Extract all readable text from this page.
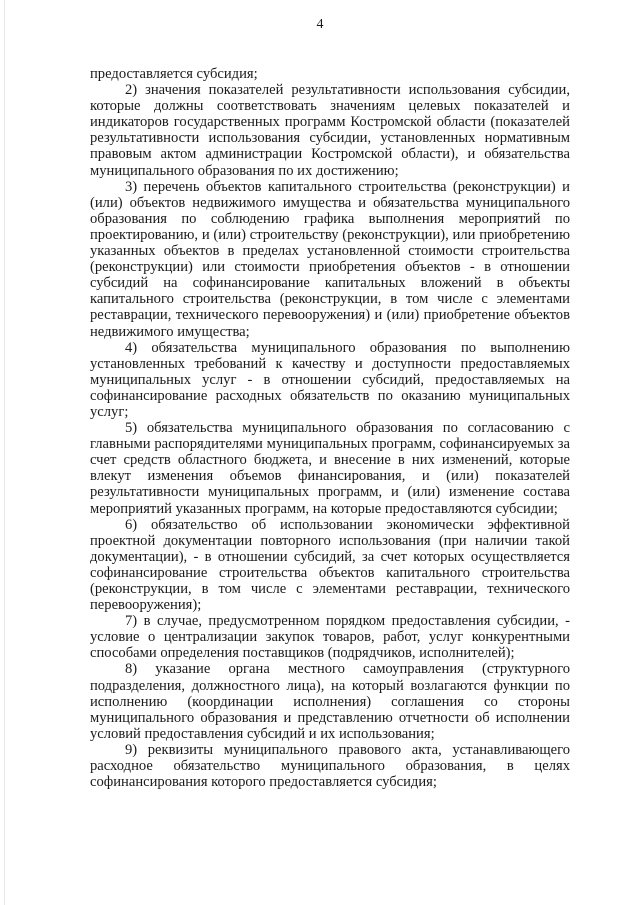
4

предоставляется субсидия;

2) значения показателей результативности использования субсидии, которые должны соответствовать значениям целевых показателей и индикаторов государственных программ Костромской области (показателей результативности использования субсидии, установленных нормативным правовым актом администрации Костромской области), и обязательства муниципального образования по их достижению;

3) перечень объектов капитального строительства (реконструкции) и (или) объектов недвижимого имущества и обязательства муниципального образования по соблюдению графика выполнения мероприятий по проектированию, и (или) строительству (реконструкции), или приобретению указанных объектов в пределах установленной стоимости строительства (реконструкции) или стоимости приобретения объектов - в отношении субсидий на софинансирование капитальных вложений в объекты капитального строительства (реконструкции, в том числе с элементами реставрации, технического перевооружения) и (или) приобретение объектов недвижимого имущества;

4) обязательства муниципального образования по выполнению установленных требований к качеству и доступности предоставляемых муниципальных услуг - в отношении субсидий, предоставляемых на софинансирование расходных обязательств по оказанию муниципальных услуг;

5) обязательства муниципального образования по согласованию с главными распорядителями муниципальных программ, софинансируемых за счет средств областного бюджета, и внесение в них изменений, которые влекут изменения объемов финансирования, и (или) показателей результативности муниципальных программ, и (или) изменение состава мероприятий указанных программ, на которые предоставляются субсидии;

6) обязательство об использовании экономически эффективной проектной документации повторного использования (при наличии такой документации), - в отношении субсидий, за счет которых осуществляется софинансирование строительства объектов капитального строительства (реконструкции, в том числе с элементами реставрации, технического перевооружения);

7) в случае, предусмотренном порядком предоставления субсидии, - условие о централизации закупок товаров, работ, услуг конкурентными способами определения поставщиков (подрядчиков, исполнителей);

8) указание органа местного самоуправления (структурного подразделения, должностного лица), на который возлагаются функции по исполнению (координации исполнения) соглашения со стороны муниципального образования и представлению отчетности об исполнении условий предоставления субсидий и их использования;

9) реквизиты муниципального правового акта, устанавливающего расходное обязательство муниципального образования, в целях софинансирования которого предоставляется субсидия;
